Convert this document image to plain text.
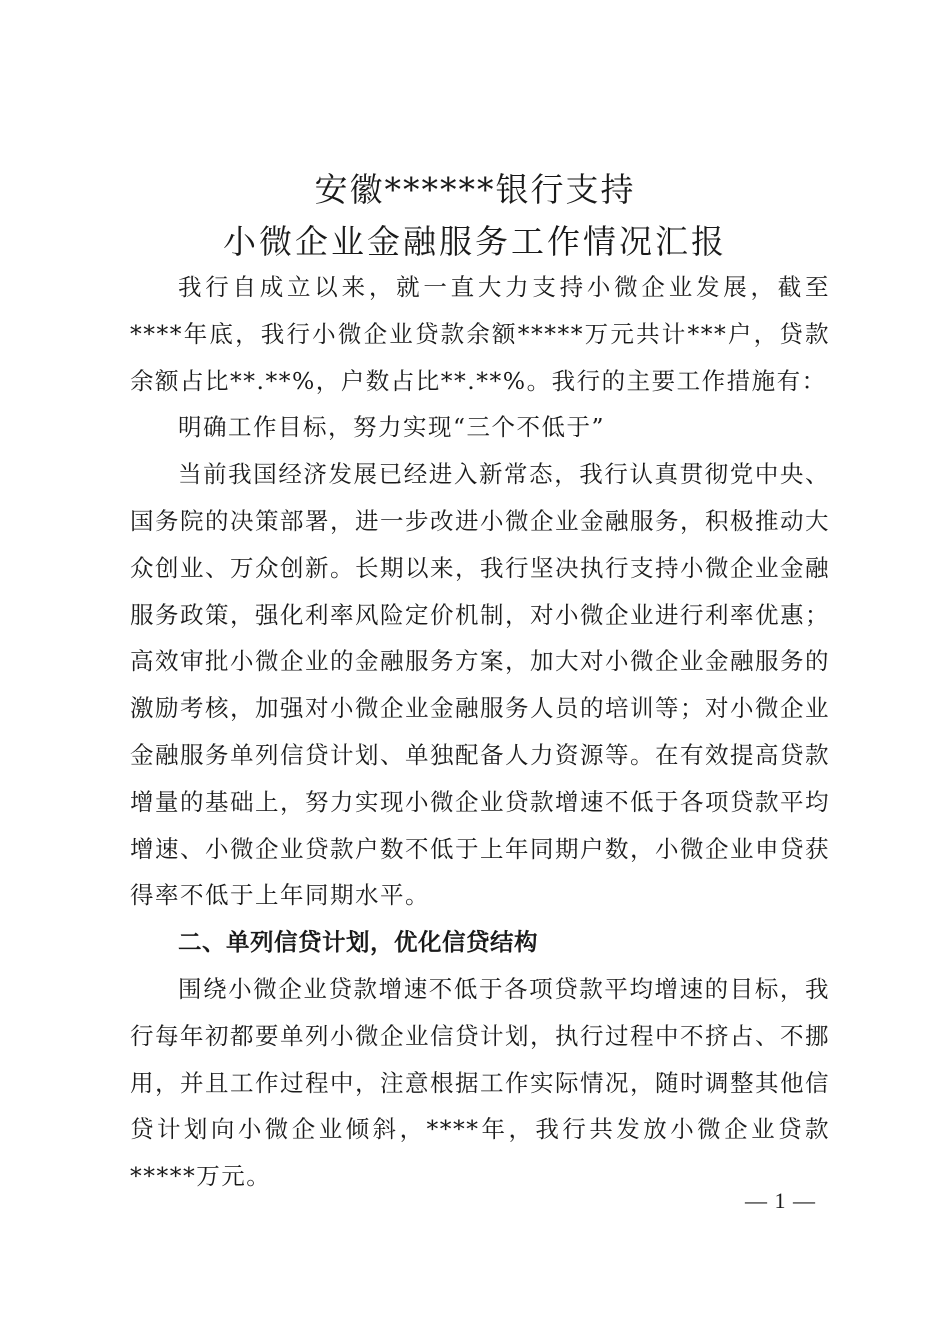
安徽******银行支持
小微企业金融服务工作情况汇报

我行自成立以来，就一直大力支持小微企业发展，截至****年底，我行小微企业贷款余额*****万元共计***户，贷款余额占比**.**%，户数占比**.**%。我行的主要工作措施有：

明确工作目标，努力实现“三个不低于”

当前我国经济发展已经进入新常态，我行认真贯彻党中央、国务院的决策部署，进一步改进小微企业金融服务，积极推动大众创业、万众创新。长期以来，我行坚决执行支持小微企业金融服务政策，强化利率风险定价机制，对小微企业进行利率优惠；高效审批小微企业的金融服务方案，加大对小微企业金融服务的激励考核，加强对小微企业金融服务人员的培训等；对小微企业金融服务单列信贷计划、单独配备人力资源等。在有效提高贷款增量的基础上，努力实现小微企业贷款增速不低于各项贷款平均增速、小微企业贷款户数不低于上年同期户数，小微企业申贷获得率不低于上年同期水平。

二、单列信贷计划，优化信贷结构

围绕小微企业贷款增速不低于各项贷款平均增速的目标，我行每年初都要单列小微企业信贷计划，执行过程中不挤占、不挪用，并且工作过程中，注意根据工作实际情况，随时调整其他信贷计划向小微企业倾斜，****年，我行共发放小微企业贷款*****万元。

— 1 —
